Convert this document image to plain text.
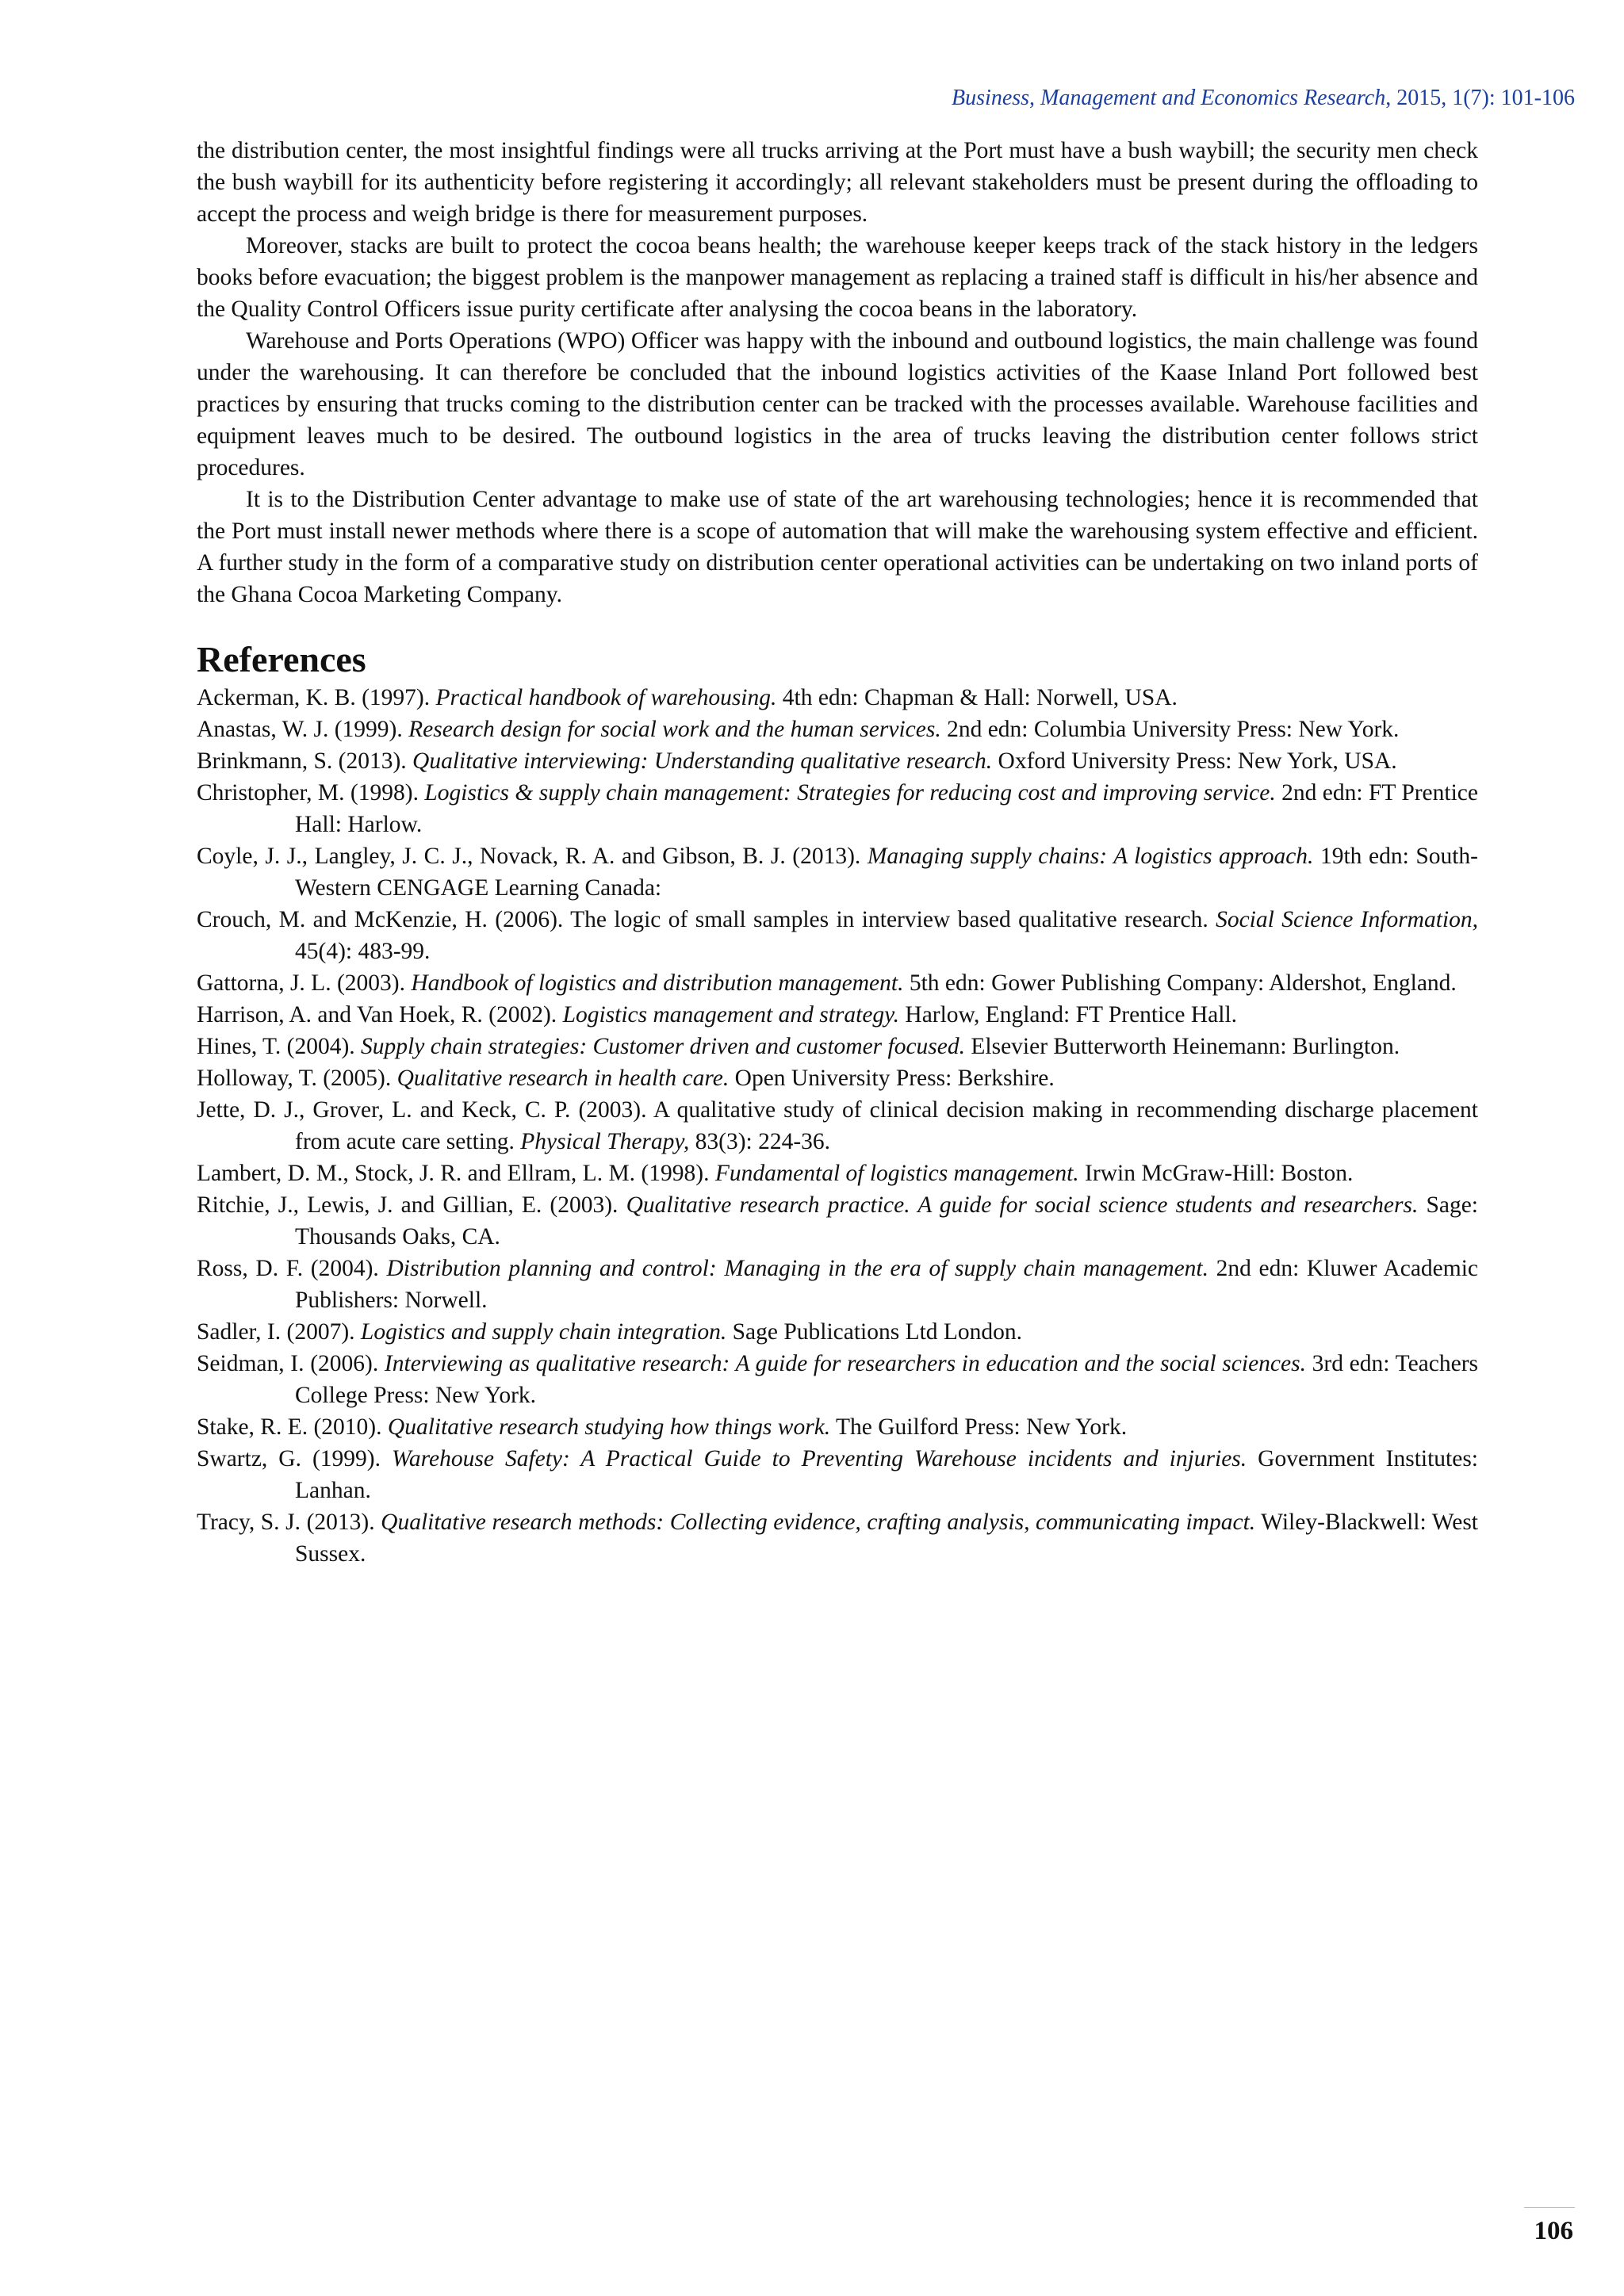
Business, Management and Economics Research, 2015, 1(7): 101-106

the distribution center, the most insightful findings were all trucks arriving at the Port must have a bush waybill; the security men check the bush waybill for its authenticity before registering it accordingly; all relevant stakeholders must be present during the offloading to accept the process and weigh bridge is there for measurement purposes.

Moreover, stacks are built to protect the cocoa beans health; the warehouse keeper keeps track of the stack history in the ledgers books before evacuation; the biggest problem is the manpower management as replacing a trained staff is difficult in his/her absence and the Quality Control Officers issue purity certificate after analysing the cocoa beans in the laboratory.

Warehouse and Ports Operations (WPO) Officer was happy with the inbound and outbound logistics, the main challenge was found under the warehousing. It can therefore be concluded that the inbound logistics activities of the Kaase Inland Port followed best practices by ensuring that trucks coming to the distribution center can be tracked with the processes available. Warehouse facilities and equipment leaves much to be desired. The outbound logistics in the area of trucks leaving the distribution center follows strict procedures.

It is to the Distribution Center advantage to make use of state of the art warehousing technologies; hence it is recommended that the Port must install newer methods where there is a scope of automation that will make the warehousing system effective and efficient. A further study in the form of a comparative study on distribution center operational activities can be undertaking on two inland ports of the Ghana Cocoa Marketing Company.

References
Ackerman, K. B. (1997). Practical handbook of warehousing. 4th edn: Chapman & Hall: Norwell, USA.
Anastas, W. J. (1999). Research design for social work and the human services. 2nd edn: Columbia University Press: New York.
Brinkmann, S. (2013). Qualitative interviewing: Understanding qualitative research. Oxford University Press: New York, USA.
Christopher, M. (1998). Logistics & supply chain management: Strategies for reducing cost and improving service. 2nd edn: FT Prentice Hall: Harlow.
Coyle, J. J., Langley, J. C. J., Novack, R. A. and Gibson, B. J. (2013). Managing supply chains: A logistics approach. 19th edn: South-Western CENGAGE Learning Canada:
Crouch, M. and McKenzie, H. (2006). The logic of small samples in interview based qualitative research. Social Science Information, 45(4): 483-99.
Gattorna, J. L. (2003). Handbook of logistics and distribution management. 5th edn: Gower Publishing Company: Aldershot, England.
Harrison, A. and Van Hoek, R. (2002). Logistics management and strategy. Harlow, England: FT Prentice Hall.
Hines, T. (2004). Supply chain strategies: Customer driven and customer focused. Elsevier Butterworth Heinemann: Burlington.
Holloway, T. (2005). Qualitative research in health care. Open University Press: Berkshire.
Jette, D. J., Grover, L. and Keck, C. P. (2003). A qualitative study of clinical decision making in recommending discharge placement from acute care setting. Physical Therapy, 83(3): 224-36.
Lambert, D. M., Stock, J. R. and Ellram, L. M. (1998). Fundamental of logistics management. Irwin McGraw-Hill: Boston.
Ritchie, J., Lewis, J. and Gillian, E. (2003). Qualitative research practice. A guide for social science students and researchers. Sage: Thousands Oaks, CA.
Ross, D. F. (2004). Distribution planning and control: Managing in the era of supply chain management. 2nd edn: Kluwer Academic Publishers: Norwell.
Sadler, I. (2007). Logistics and supply chain integration. Sage Publications Ltd London.
Seidman, I. (2006). Interviewing as qualitative research: A guide for researchers in education and the social sciences. 3rd edn: Teachers College Press: New York.
Stake, R. E. (2010). Qualitative research studying how things work. The Guilford Press: New York.
Swartz, G. (1999). Warehouse Safety: A Practical Guide to Preventing Warehouse incidents and injuries. Government Institutes: Lanhan.
Tracy, S. J. (2013). Qualitative research methods: Collecting evidence, crafting analysis, communicating impact. Wiley-Blackwell: West Sussex.
106
